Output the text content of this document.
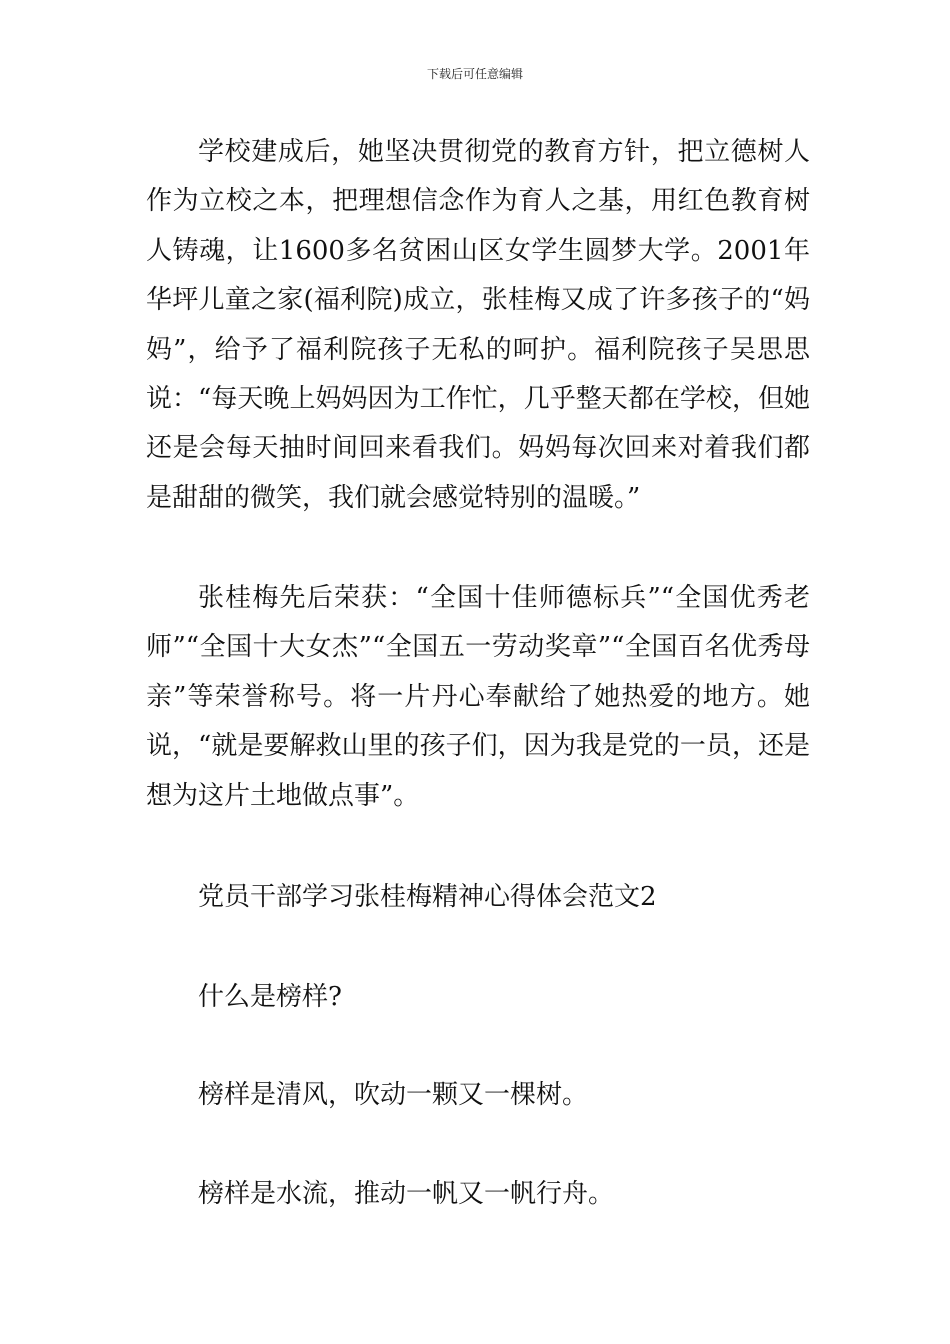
下载后可任意编辑

学校建成后，她坚决贯彻党的教育方针，把立德树人作为立校之本，把理想信念作为育人之基，用红色教育树人铸魂，让1600多名贫困山区女学生圆梦大学。2001年华坪儿童之家(福利院)成立，张桂梅又成了许多孩子的“妈妈”，给予了福利院孩子无私的呵护。福利院孩子吴思思说：“每天晚上妈妈因为工作忙，几乎整天都在学校，但她还是会每天抽时间回来看我们。妈妈每次回来对着我们都是甜甜的微笑，我们就会感觉特别的温暖。”

张桂梅先后荣获：“全国十佳师德标兵”“全国优秀老师”“全国十大女杰”“全国五一劳动奖章”“全国百名优秀母亲”等荣誉称号。将一片丹心奉献给了她热爱的地方。她说，“就是要解救山里的孩子们，因为我是党的一员，还是想为这片土地做点事”。

党员干部学习张桂梅精神心得体会范文2

什么是榜样?

榜样是清风，吹动一颗又一棵树。

榜样是水流，推动一帆又一帆行舟。
